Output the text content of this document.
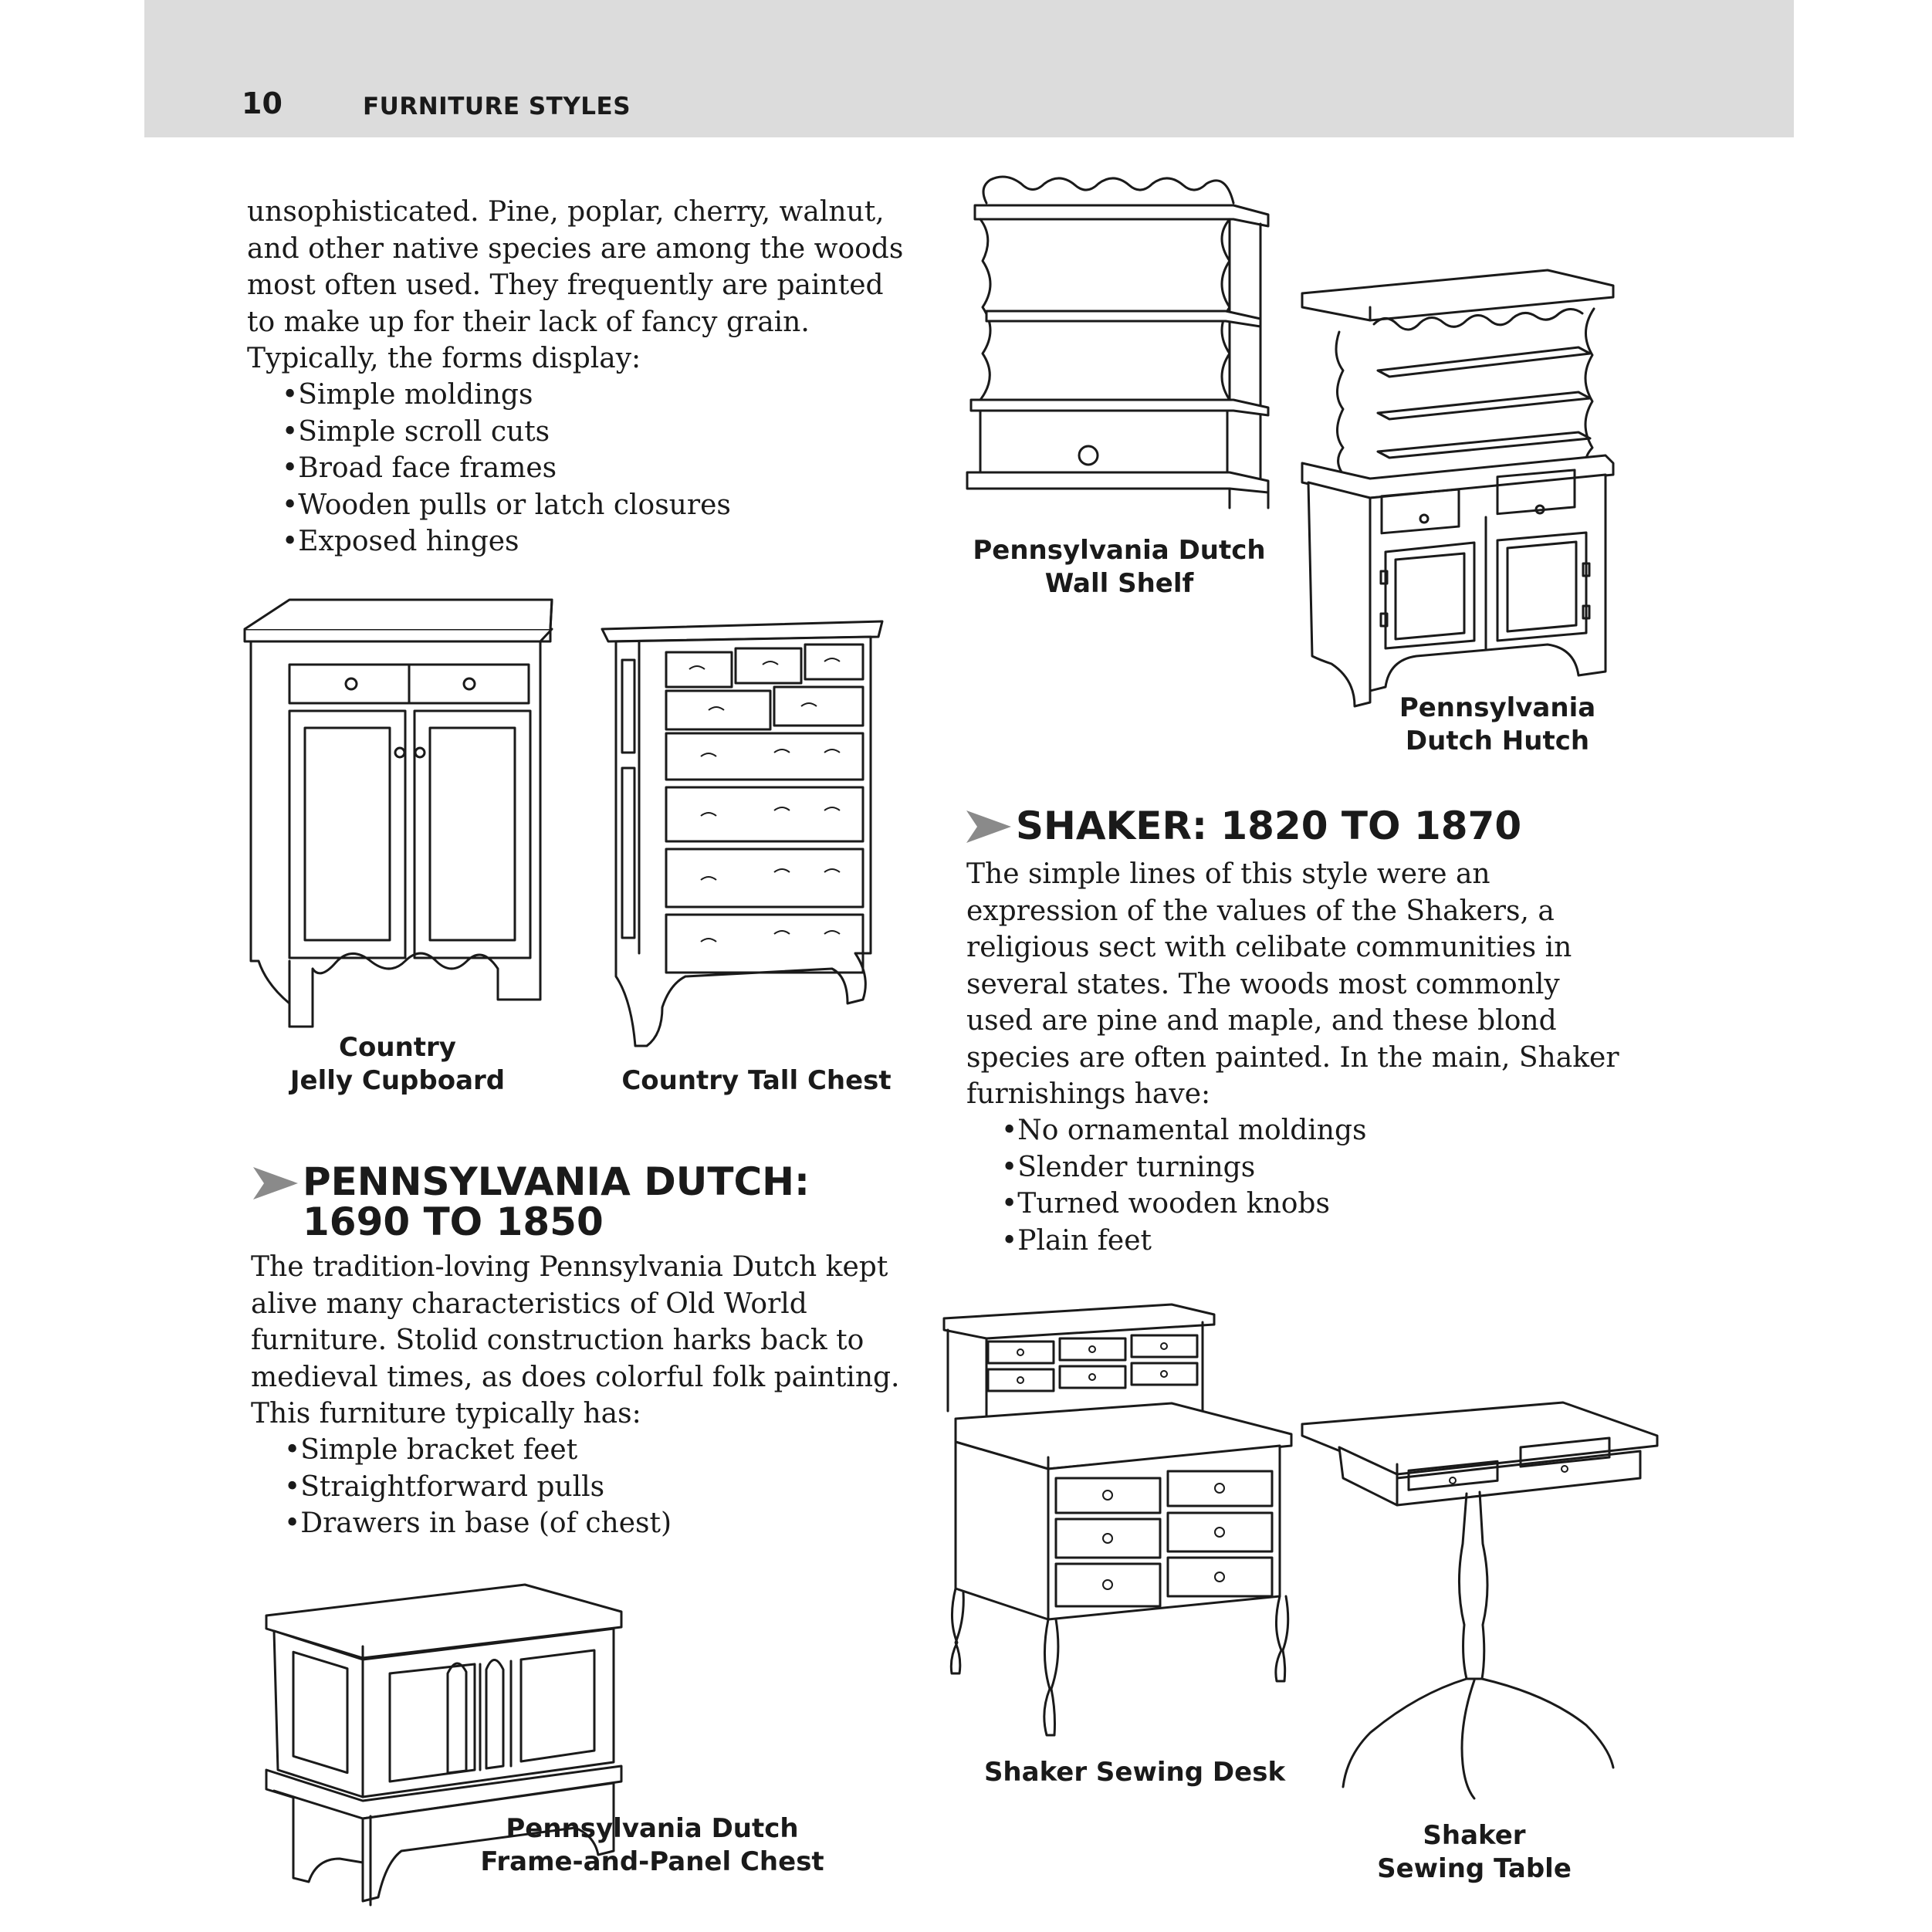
10	FURNITURE STYLES
unsophisticated. Pine, poplar, cherry, walnut,
and other native species are among the woods
most often used. They frequently are painted
to make up for their lack of fancy grain.
Typically, the forms display:
• Simple moldings
• Simple scroll cuts
• Broad face frames
• Wooden pulls or latch closures
• Exposed hinges
Country
Jelly Cupboard	Country Tall Chest
PENNSYLVANIA DUTCH:
1690 TO 1850
The tradition-loving Pennsylvania Dutch kept
alive many characteristics of Old World
furniture. Stolid construction harks back to
medieval times, as does colorful folk painting.
This furniture typically has:
• Simple bracket feet
• Straightforward pulls
• Drawers in base (of chest)
Pennsylvania Dutch
Frame-and-Panel Chest
Pennsylvania Dutch
Wall Shelf
Pennsylvania
Dutch Hutch
SHAKER: 1820 TO 1870
The simple lines of this style were an
expression of the values of the Shakers, a
religious sect with celibate communities in
several states. The woods most commonly
used are pine and maple, and these blond
species are often painted. In the main, Shaker
furnishings have:
• No ornamental moldings
• Slender turnings
• Turned wooden knobs
• Plain feet
Shaker Sewing Desk
Shaker
Sewing Table
